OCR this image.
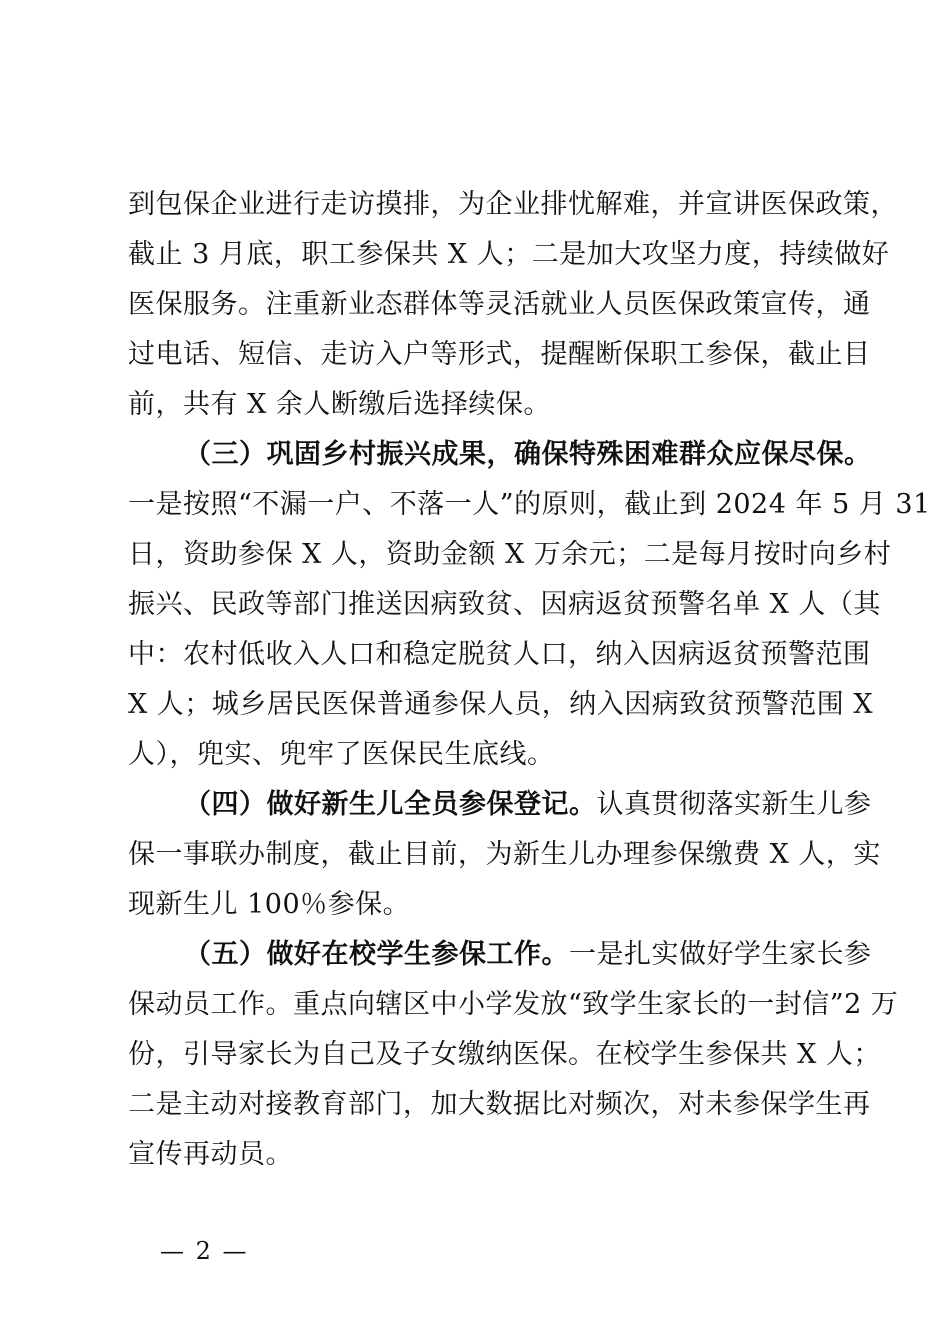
到包保企业进行走访摸排，为企业排忧解难，并宣讲医保政策，
截止 3 月底，职工参保共 X 人；二是加大攻坚力度，持续做好
医保服务。注重新业态群体等灵活就业人员医保政策宣传，通
过电话、短信、走访入户等形式，提醒断保职工参保，截止目
前，共有 X 余人断缴后选择续保。
（三）巩固乡村振兴成果，确保特殊困难群众应保尽保。
一是按照“不漏一户、不落一人”的原则，截止到 2024 年 5 月 31
日，资助参保 X 人，资助金额 X 万余元；二是每月按时向乡村
振兴、民政等部门推送因病致贫、因病返贫预警名单 X 人（其
中：农村低收入人口和稳定脱贫人口，纳入因病返贫预警范围
X 人；城乡居民医保普通参保人员，纳入因病致贫预警范围 X
人），兜实、兜牢了医保民生底线。
（四）做好新生儿全员参保登记。认真贯彻落实新生儿参
保一事联办制度，截止目前，为新生儿办理参保缴费 X 人，实
现新生儿 100％参保。
（五）做好在校学生参保工作。一是扎实做好学生家长参
保动员工作。重点向辖区中小学发放“致学生家长的一封信”2 万
份，引导家长为自己及子女缴纳医保。在校学生参保共 X 人；
二是主动对接教育部门，加大数据比对频次，对未参保学生再
宣传再动员。
— 2 —
